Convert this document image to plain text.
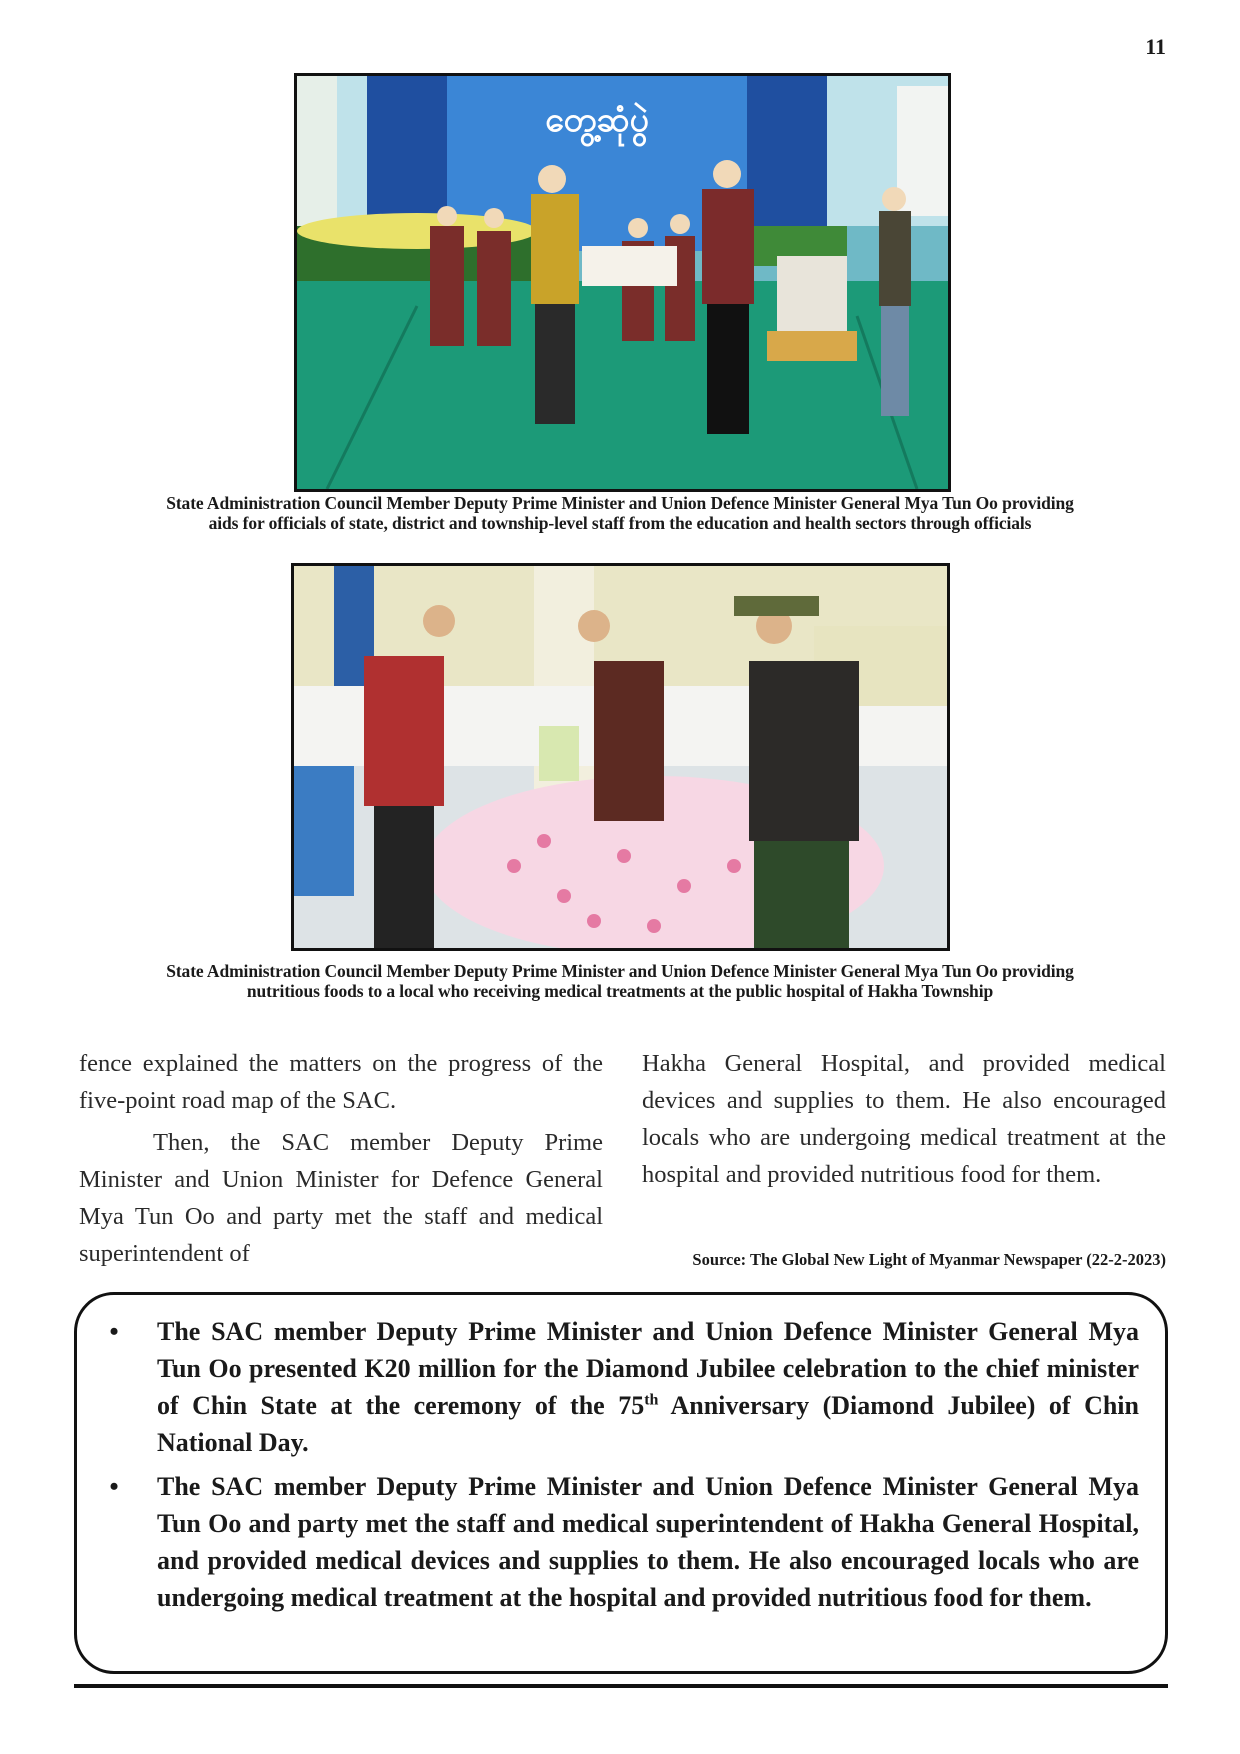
11
တွေ့ဆုံပွဲ
State Administration Council Member Deputy Prime Minister and Union Defence Minister General Mya Tun Oo providing aids for officials of state, district and township-level staff from the education and health sectors through officials
State Administration Council Member Deputy Prime Minister and Union Defence Minister General Mya Tun Oo providing nutritious foods to a local who receiving medical treatments at the public hospital of Hakha Township

fence explained the matters on the progress of the five-point road map of the SAC.

Then, the SAC member Deputy Prime Minister and Union Minister for Defence General Mya Tun Oo and party met the staff and medical superintendent of

Hakha General Hospital, and provided medical devices and supplies to them. He also encouraged locals who are undergoing medical treatment at the hospital and provided nutritious food for them.

Source: The Global New Light of Myanmar Newspaper (22-2-2023)
•	The SAC member Deputy Prime Minister and Union Defence Minister General Mya Tun Oo presented K20 million for the Diamond Jubilee celebration to the chief minister of Chin State at the ceremony of the 75th Anniversary (Diamond Jubilee) of Chin National Day.
•	The SAC member Deputy Prime Minister and Union Defence Minister General Mya Tun Oo and party met the staff and medical superintendent of Hakha General Hospital, and provided medical devices and supplies to them. He also encouraged locals who are undergoing medical treatment at the hospital and provided nutritious food for them.
